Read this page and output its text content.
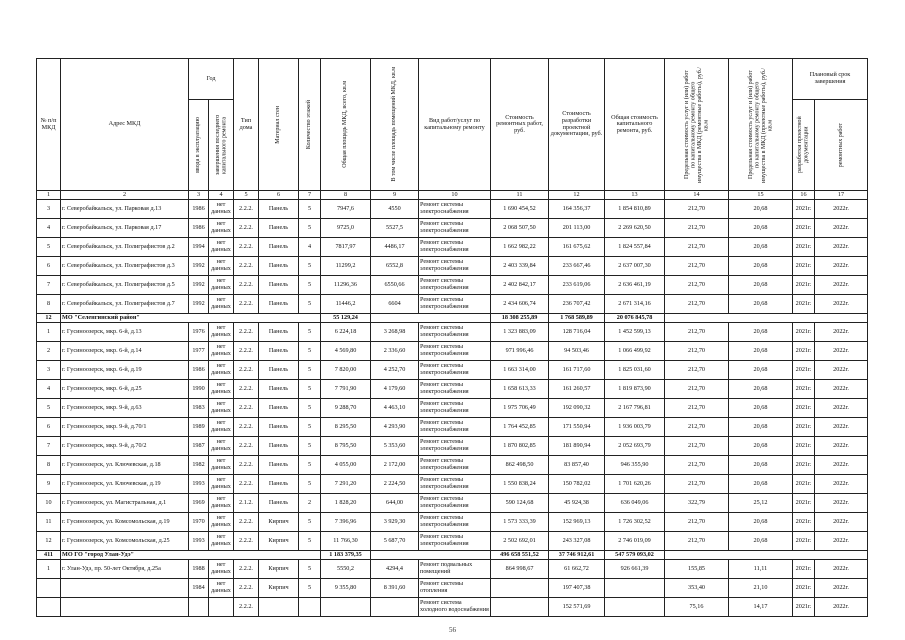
№ п/п МКД	Адрес МКД	Год		Тип дома	Материал стен	Количество этажей	Общая площадь МКД, всего, кв.м	В том числе площадь помещений МКД, кв.м	Вид работ/услуг по капитальному ремонту	Стоимость ремонтных работ, руб.	Стоимость разработки проектной документации, руб.	Общая стоимость капитального ремонта, руб.	Предельная стоимость услуг и (или) работ по капитальному ремонту общего имущества в МКД (ремонтные работы), руб./кв.м	Предельная стоимость услуг и (или) работ по капитальному ремонту общего имущества в МКД (проектные работы), руб./кв.м	Плановый срок завершения	

		ввода в эксплуатацию	завершения последнего капитального ремонта												разработки проектной документации	ремонтных работ

1	2	3	4	5	6	7	8	9	10	11	12	13	14	15	16	17
3	г. Северобайкальск, ул. Парковая д.13	1986	нет данных	2.2.2.	Панель	5	7947,6	4550	Ремонт системы электроснабжения	1 690 454,52	164 356,37	1 854 810,89	212,70	20,68	2021г.	2022г.
4	г. Северобайкальск, ул. Парковая д.17	1986	нет данных	2.2.2.	Панель	5	9725,0	5527,5	Ремонт системы электроснабжения	2 068 507,50	201 113,00	2 269 620,50	212,70	20,68	2021г.	2022г.
5	г. Северобайкальск, ул. Полиграфистов д.2	1994	нет данных	2.2.2.	Панель	4	7817,97	4486,17	Ремонт системы электроснабжения	1 662 982,22	161 675,62	1 824 557,84	212,70	20,68	2021г.	2022г.
6	г. Северобайкальск, ул. Полиграфистов д.3	1992	нет данных	2.2.2.	Панель	5	11299,2	6552,8	Ремонт системы электроснабжения	2 403 339,84	233 667,46	2 637 007,30	212,70	20,68	2021г.	2022г.
7	г. Северобайкальск, ул. Полиграфистов д.5	1992	нет данных	2.2.2.	Панель	5	11296,36	6550,66	Ремонт системы электроснабжения	2 402 842,17	233 619,06	2 636 461,19	212,70	20,68	2021г.	2022г.
8	г. Северобайкальск, ул. Полиграфистов д.7	1992	нет данных	2.2.2.	Панель	5	11446,2	6604	Ремонт системы электроснабжения	2 434 606,74	236 707,42	2 671 314,16	212,70	20,68	2021г.	2022г.
12	МО "Селенгинский район"						55 129,24			18 308 255,89	1 768 589,89	20 076 845,78				
1	г. Гусиноозерск, мкр. 6-й, д.13	1976	нет данных	2.2.2.	Панель	5	6 224,18	3 268,98	Ремонт системы электроснабжения	1 323 883,09	128 716,04	1 452 599,13	212,70	20,68	2021г.	2022г.
2	г. Гусиноозерск, мкр. 6-й, д.14	1977	нет данных	2.2.2.	Панель	5	4 569,80	2 336,60	Ремонт системы электроснабжения	971 996,46	94 503,46	1 066 499,92	212,70	20,68	2021г.	2022г.
3	г. Гусиноозерск, мкр. 6-й, д.19	1986	нет данных	2.2.2.	Панель	5	7 820,00	4 252,70	Ремонт системы электроснабжения	1 663 314,00	161 717,60	1 825 031,60	212,70	20,68	2021г.	2022г.
4	г. Гусиноозерск, мкр. 6-й, д.25	1990	нет данных	2.2.2.	Панель	5	7 791,90	4 179,60	Ремонт системы электроснабжения	1 658 613,33	161 260,57	1 819 873,90	212,70	20,68	2021г.	2022г.
5	г. Гусиноозерск, мкр. 9-й, д.63	1983	нет данных	2.2.2.	Панель	5	9 288,70	4 463,10	Ремонт системы электроснабжения	1 975 706,49	192 090,32	2 167 796,81	212,70	20,68	2021г.	2022г.
6	г. Гусиноозерск, мкр. 9-й, д.70/1	1989	нет данных	2.2.2.	Панель	5	8 295,50	4 293,90	Ремонт системы электроснабжения	1 764 452,85	171 550,94	1 936 003,79	212,70	20,68	2021г.	2022г.
7	г. Гусиноозерск, мкр. 9-й, д.70/2	1987	нет данных	2.2.2.	Панель	5	8 795,50	5 353,60	Ремонт системы электроснабжения	1 870 802,85	181 890,94	2 052 693,79	212,70	20,68	2021г.	2022г.
8	г. Гусиноозерск, ул. Ключевская, д.18	1982	нет данных	2.2.2.	Панель	5	4 055,00	2 172,00	Ремонт системы электроснабжения	862 498,50	83 857,40	946 355,90	212,70	20,68	2021г.	2022г.
9	г. Гусиноозерск, ул. Ключевская, д.19	1993	нет данных	2.2.2.	Панель	5	7 291,20	2 224,50	Ремонт системы электроснабжения	1 550 838,24	150 782,02	1 701 620,26	212,70	20,68	2021г.	2022г.
10	г. Гусиноозерск, ул. Магистральная, д.1	1969	нет данных	2.1.2.	Панель	2	1 828,20	644,00	Ремонт системы электроснабжения	590 124,68	45 924,38	636 049,06	322,79	25,12	2021г.	2022г.
11	г. Гусиноозерск, ул. Комсомольская, д.19	1970	нет данных	2.2.2.	Кирпич	5	7 396,96	3 929,30	Ремонт системы электроснабжения	1 573 333,39	152 969,13	1 726 302,52	212,70	20,68	2021г.	2022г.
12	г. Гусиноозерск, ул. Комсомольская, д.25	1993	нет данных	2.2.2.	Кирпич	5	11 766,30	5 687,70	Ремонт системы электроснабжения	2 502 692,01	243 327,08	2 746 019,09	212,70	20,68	2021г.	2022г.
411	МО ГО "город Улан-Удэ"						1 183 379,35			496 658 551,52	37 746 912,61	547 579 093,02				
1	г. Улан-Удэ, пр. 50-лет Октября, д.25а	1988	нет данных	2.2.2.	Кирпич	5	5550,2	4294,4	Ремонт подвальных помещений	864 998,67	61 662,72	926 661,39	155,85	11,11	2021г.	2022г.
		1984	нет данных	2.2.2.	Кирпич	5	9 355,80	8 391,60	Ремонт системы отопления		197 407,38		353,40	21,10	2021г.	2022г.
				2.2.2.					Ремонт система холодного водоснабжения		152 571,69		75,16	14,17	2021г.	2022г.
56
